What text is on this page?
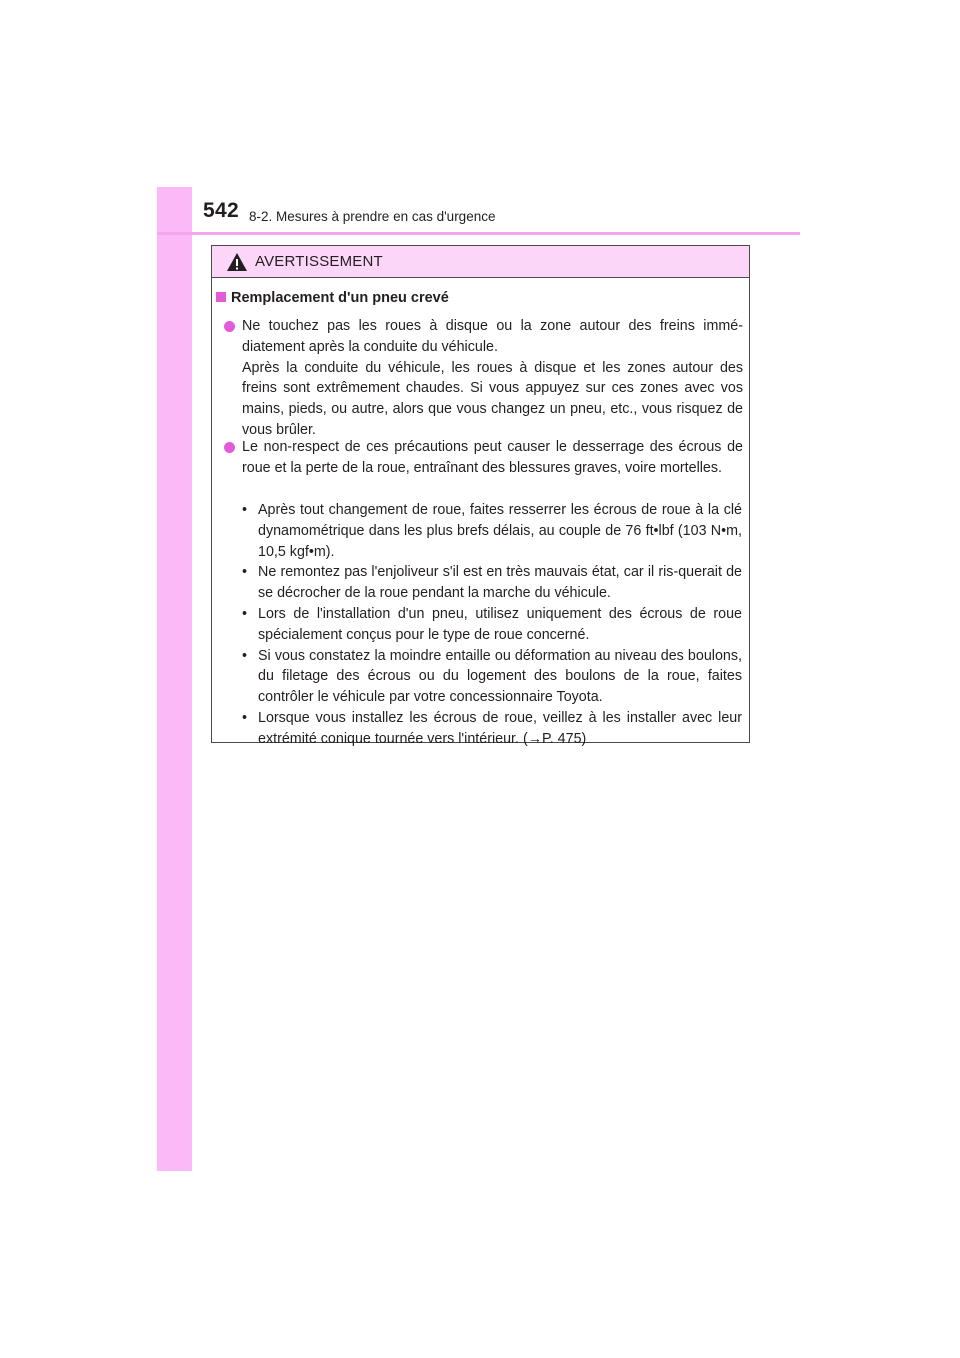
542 8-2. Mesures à prendre en cas d'urgence
AVERTISSEMENT
Remplacement d'un pneu crevé

Ne touchez pas les roues à disque ou la zone autour des freins immé-diatement après la conduite du véhicule.

Après la conduite du véhicule, les roues à disque et les zones autour des freins sont extrêmement chaudes. Si vous appuyez sur ces zones avec vos mains, pieds, ou autre, alors que vous changez un pneu, etc., vous risquez de vous brûler.

Le non-respect de ces précautions peut causer le desserrage des écrous de roue et la perte de la roue, entraînant des blessures graves, voire mortelles.

• Après tout changement de roue, faites resserrer les écrous de roue à la clé dynamométrique dans les plus brefs délais, au couple de 76 ft•lbf (103 N•m, 10,5 kgf•m).
• Ne remontez pas l'enjoliveur s'il est en très mauvais état, car il ris-querait de se décrocher de la roue pendant la marche du véhicule.
• Lors de l'installation d'un pneu, utilisez uniquement des écrous de roue spécialement conçus pour le type de roue concerné.
• Si vous constatez la moindre entaille ou déformation au niveau des boulons, du filetage des écrous ou du logement des boulons de la roue, faites contrôler le véhicule par votre concessionnaire Toyota.
• Lorsque vous installez les écrous de roue, veillez à les installer avec leur extrémité conique tournée vers l'intérieur. (→P. 475)
